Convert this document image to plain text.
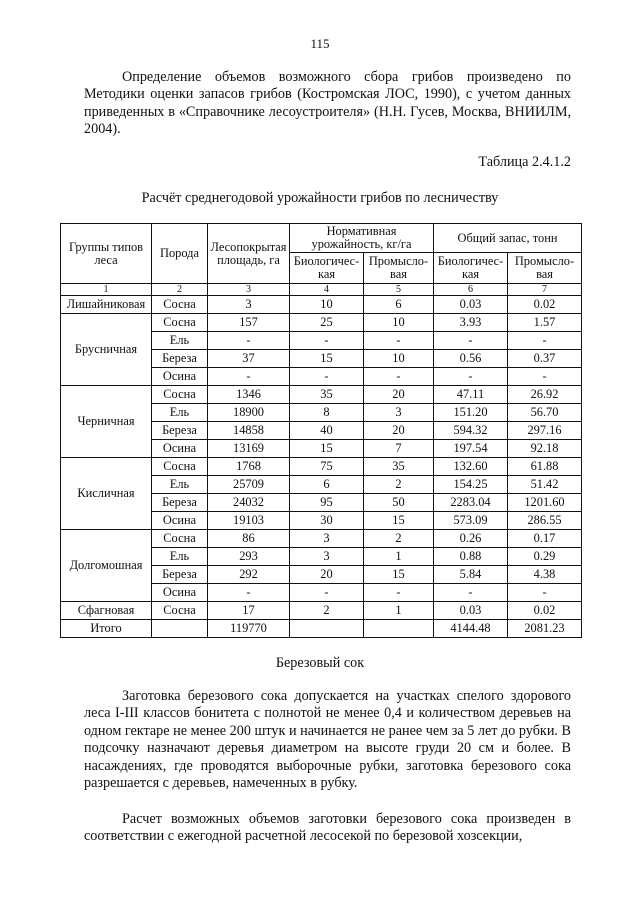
115

Определение объемов возможного сбора грибов произведено по Методики оценки запасов грибов (Костромская ЛОС, 1990), с учетом данных приведенных в «Справочнике лесоустроителя» (Н.Н. Гусев, Москва, ВНИИЛМ, 2004).

Таблица 2.4.1.2
Расчёт среднегодовой урожайности грибов по лесничеству
Группы типов леса	Порода	Лесопокрытая площадь, га	Нормативная урожайность, кг/га		Общий запас, тонн	
			Биологичес-кая	Промысло-вая	Биологичес-кая	Промысло-вая
1	2	3	4	5	6	7
Лишайниковая	Сосна	3	10	6	0.03	0.02
Брусничная	Сосна	157	25	10	3.93	1.57
	Ель	-	-	-	-	-
	Береза	37	15	10	0.56	0.37
	Осина	-	-	-	-	-
Черничная	Сосна	1346	35	20	47.11	26.92
	Ель	18900	8	3	151.20	56.70
	Береза	14858	40	20	594.32	297.16
	Осина	13169	15	7	197.54	92.18
Кисличная	Сосна	1768	75	35	132.60	61.88
	Ель	25709	6	2	154.25	51.42
	Береза	24032	95	50	2283.04	1201.60
	Осина	19103	30	15	573.09	286.55
Долгомошная	Сосна	86	3	2	0.26	0.17
	Ель	293	3	1	0.88	0.29
	Береза	292	20	15	5.84	4.38
	Осина	-	-	-	-	-
Сфагновая	Сосна	17	2	1	0.03	0.02
Итого		119770			4144.48	2081.23
Березовый сок

Заготовка березового сока допускается на участках спелого здорового леса I-III классов бонитета с полнотой не менее 0,4 и количеством деревьев на одном гектаре не менее 200 штук и начинается не ранее чем за 5 лет до рубки. В подсочку назначают деревья диаметром на высоте груди 20 см и более. В насаждениях, где проводятся выборочные рубки, заготовка березового сока разрешается с деревьев, намеченных в рубку.

Расчет возможных объемов заготовки березового сока произведен в соответствии с ежегодной расчетной лесосекой по березовой хозсекции,
